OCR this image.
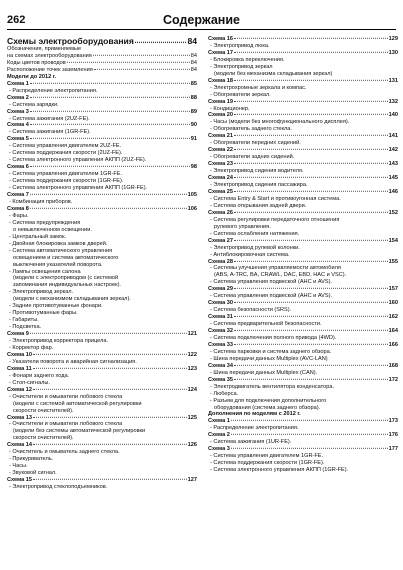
262	Содержание
Схемы электрооборудования	84
Обозначения, применяемые
на схемах электрооборудования	84
Коды цветов проводов	84
Расположение точек заземления	84
Модели до 2012 г.
Схема 1	85
- Распределение электропитания.
Схема 2	88
- Система зарядки.
Схема 3	89
- Система зажигания (2UZ-FE).
Схема 4	90
- Система зажигания (1GR-FE).
Схема 5	91
- Система управления двигателем 2UZ-FE.
- Система поддержания скорости (2UZ-FE).
- Система электронного управления АКПП (2UZ-FE).
Схема 6	98
- Система управления двигателем 1GR-FE.
- Система поддержания скорости (1GR-FE).
- Система электронного управления АКПП (1GR-FE).
Схема 7	105
- Комбинация приборов.
Схема 8	106
- Фары.
- Система предупреждения
о невыключенном освещении.
- Центральный замок.
- Двойная блокировка замков дверей.
- Система автоматического управления
освещением и система автоматического
выключения указателей поворота.
- Лампы освещения салона
(модели с электроприводом (с системой
запоминания индивидуальных настроек).
- Электропривод зеркал.
(модели с механизмом складывания зеркал).
- Задние противотуманные фонари.
- Противотуманные фары.
- Габариты.
- Подсветка.
Схема 9	121
- Электропривод корректора прицела.
- Корректор фар.
Схема 10	122
- Указатели поворота и аварийная сигнализация.
Схема 11	123
- Фонари заднего хода.
- Стоп-сигналы.
Схема 12	124
- Очистители и омыватели лобового стекла
(модели с системой автоматической регулировки
скорости очистителей).
Схема 13	125
- Очистители и омыватели лобового стекла
(модели без системы автоматической регулировки
скорости очистителей).
Схема 14	126
- Очиститель и омыватель заднего стекла.
- Прикуриватель.
- Часы.
- Звуковой сигнал.
Схема 15	127
- Электропривод стеклоподъемников.
Схема 16	129
- Электропривод люка.
Схема 17	130
- Блокировка переключения.
- Электропривод зеркал
(модели без механизма складывания зеркал)
Схема 18	131
- Электрохромные зеркала и компас.
- Обогреватели зеркал.
Схема 19	132
- Кондиционер.
Схема 20	140
- Часы (модели без многофункционального дисплея).
- Обогреватель заднего стекла.
Схема 21	141
- Обогреватели передних сидений.
Схема 22	142
- Обогреватели задних сидений.
Схема 23	143
- Электропривод сидения водителя.
Схема 24	145
- Электропривод сидения пассажира.
Схема 25	146
- Система Entry & Start и противоугонная система.
- Система открывания задней двери.
Схема 26	152
- Система регулировки передаточного отношения
рулевого управления.
- Система ослабления натяжения.
Схема 27	154
- Электропривод рулевой колонки.
- Антиблокировочная система.
Схема 28	155
- Системы улучшения управляемости автомобиля
(ABS, A-TRC, BA, CRAWL, DAC, EBD, HAC и VSC).
- Система управления подвеской (AHC и AVS).
Схема 29	157
- Система управления подвеской (AHC и AVS).
Схема 30	160
- Система безопасности (SRS).
Схема 31	162
- Система предварительной безопасности.
Схема 32	164
- Система подключения полного привода (4WD).
Схема 33	166
- Система парковки и система заднего обзора.
- Шина передачи данных Multiplex (AVC-LAN)
Схема 34	168
- Шина передачи данных Multiplex (CAN).
Схема 35	172
- Электродвигатель вентилятора конденсатора.
- Люберса.
- Разъем для подключения дополнительного
оборудования (система заднего обзора).
Дополнения по моделям с 2012 г.
Схема 1	173
- Распределение электропитания.
Схема 2	176
- Система зажигания (1UR-FE).
Схема 3	177
- Система управления двигателем 1GR-FE.
- Система поддержания скорости (1GR-FE).
- Система электронного управления АКПП (1GR-FE).
